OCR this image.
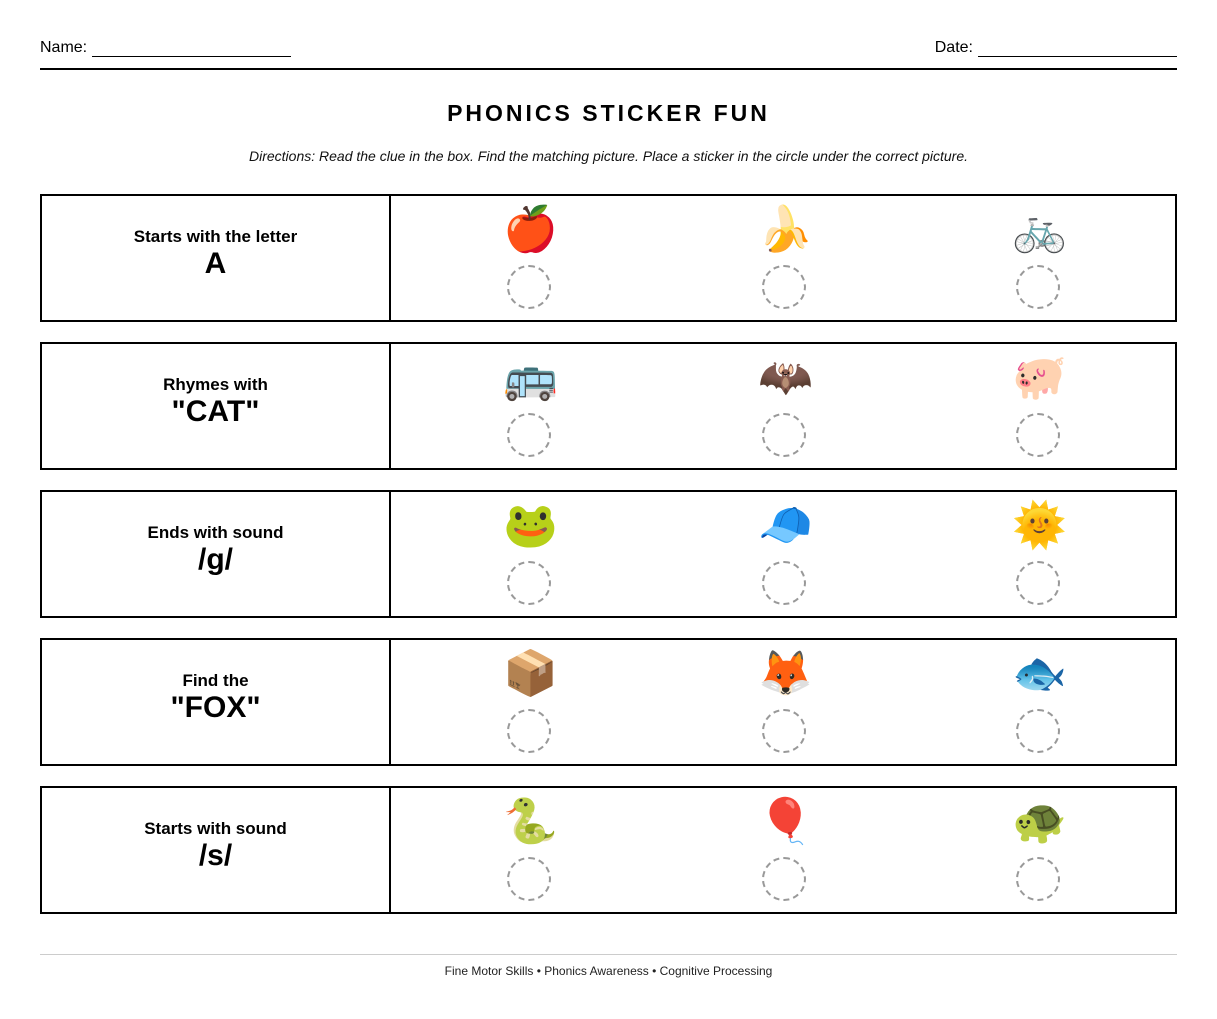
Name:	Date:
PHONICS STICKER FUN
Directions: Read the clue in the box. Find the matching picture. Place a sticker in the circle under the correct picture.
Starts with the letter
A
🍎	🍌	🚲
Rhymes with
"CAT"
🚌	🦇	🐖
Ends with sound
/g/
🐸	🧢	🌞
Find the
"FOX"
📦	🦊	🐟
Starts with sound
/s/
🐍	🎈	🐢
Fine Motor Skills • Phonics Awareness • Cognitive Processing
